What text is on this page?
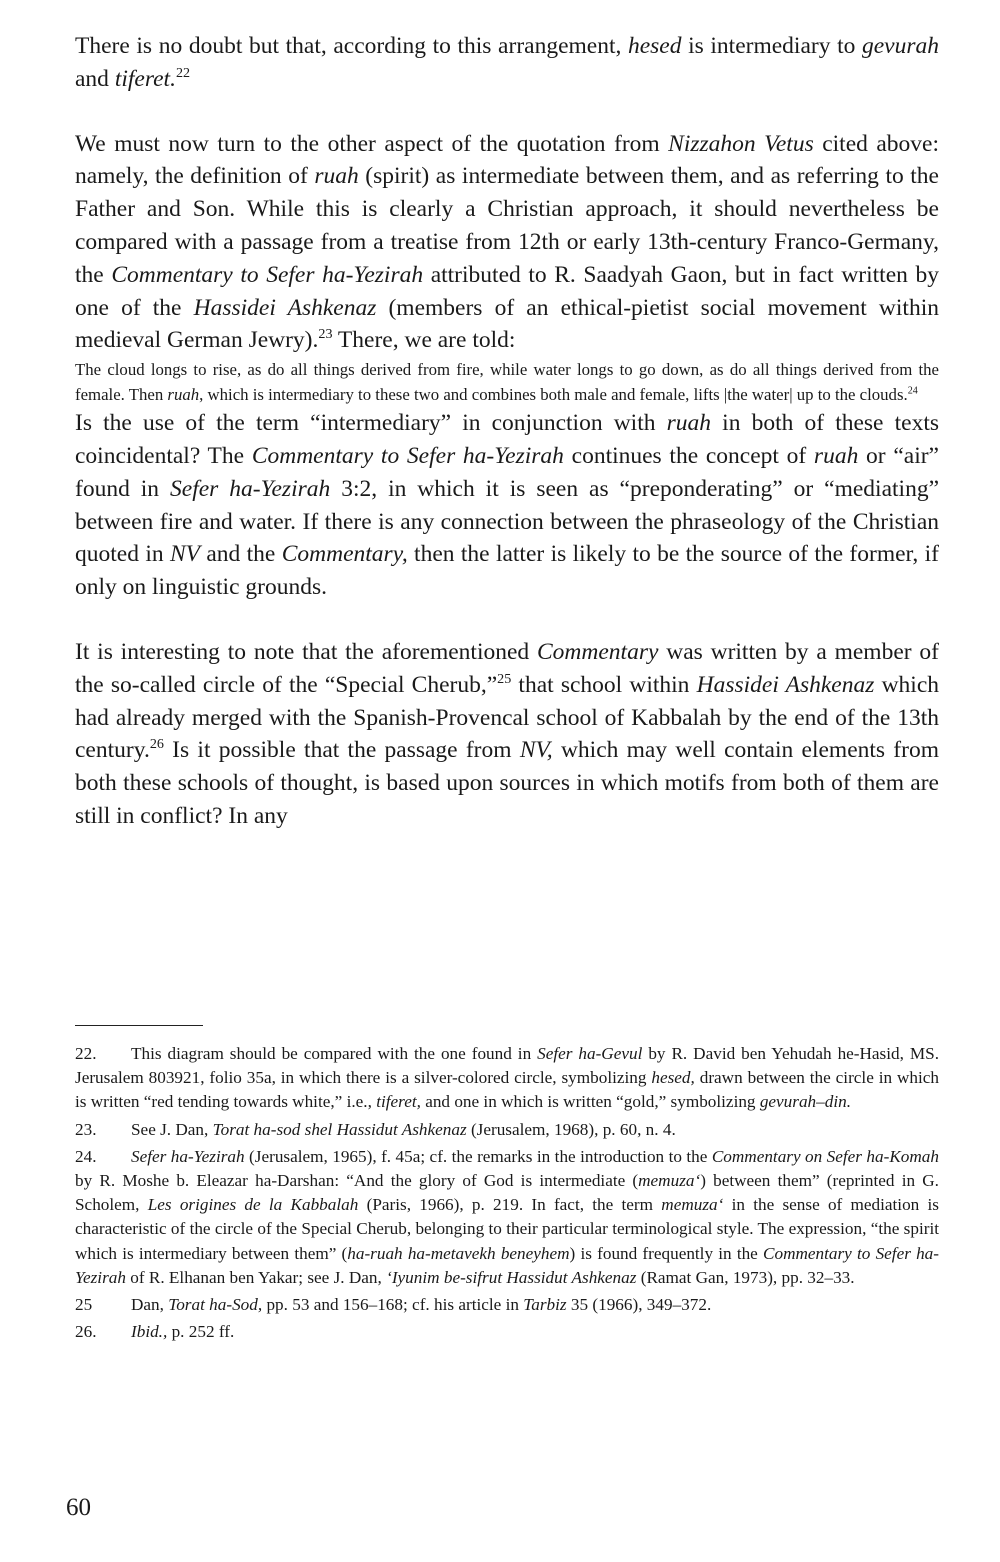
There is no doubt but that, according to this arrangement, hesed is intermediary to gevurah and tiferet.$^{22}$

We must now turn to the other aspect of the quotation from Nizzahon Vetus cited above: namely, the definition of ruah (spirit) as intermediate between them, and as referring to the Father and Son. While this is clearly a Christian approach, it should nevertheless be compared with a passage from a treatise from 12th or early 13th-century Franco-Germany, the Commentary to Sefer ha-Yezirah attributed to R. Saadyah Gaon, but in fact written by one of the Hassidei Ashkenaz (members of an ethical-pietist social movement within medieval German Jewry).$^{23}$ There, we are told:

The cloud longs to rise, as do all things derived from fire, while water longs to go down, as do all things derived from the female. Then ruah, which is intermediary to these two and combines both male and female, lifts |the water| up to the clouds.$^{24}$

Is the use of the term “intermediary” in conjunction with ruah in both of these texts coincidental? The Commentary to Sefer ha-Yezirah continues the concept of ruah or “air” found in Sefer ha-Yezirah 3:2, in which it is seen as “preponderating” or “mediating” between fire and water. If there is any connection between the phraseology of the Christian quoted in NV and the Commentary, then the latter is likely to be the source of the former, if only on linguistic grounds.

It is interesting to note that the aforementioned Commentary was written by a member of the so-called circle of the “Special Cherub,”$^{25}$ that school within Hassidei Ashkenaz which had already merged with the Spanish-Provencal school of Kabbalah by the end of the 13th century.$^{26}$ Is it possible that the passage from NV, which may well contain elements from both these schools of thought, is based upon sources in which motifs from both of them are still in conflict? In any

22. This diagram should be compared with the one found in Sefer ha-Gevul by R. David ben Yehudah he-Hasid, MS. Jerusalem 803921, folio 35a, in which there is a silver-colored circle, symbolizing hesed, drawn between the circle in which is written “red tending towards white,” i.e., tiferet, and one in which is written “gold,” symbolizing gevurah–din.

23. See J. Dan, Torat ha-sod shel Hassidut Ashkenaz (Jerusalem, 1968), p. 60, n. 4.

24. Sefer ha-Yezirah (Jerusalem, 1965), f. 45a; cf. the remarks in the introduction to the Commentary on Sefer ha-Komah by R. Moshe b. Eleazar ha-Darshan: “And the glory of God is intermediate (memuza‘) between them” (reprinted in G. Scholem, Les origines de la Kabbalah (Paris, 1966), p. 219. In fact, the term memuza‘ in the sense of mediation is characteristic of the circle of the Special Cherub, belonging to their particular terminological style. The expression, “the spirit which is intermediary between them” (ha-ruah ha-metavekh beneyhem) is found frequently in the Commentary to Sefer ha-Yezirah of R. Elhanan ben Yakar; see J. Dan, ‘Iyunim be-sifrut Hassidut Ashkenaz (Ramat Gan, 1973), pp. 32–33.

25 Dan, Torat ha-Sod, pp. 53 and 156–168; cf. his article in Tarbiz 35 (1966), 349–372.

26. Ibid., p. 252 ff.

60
